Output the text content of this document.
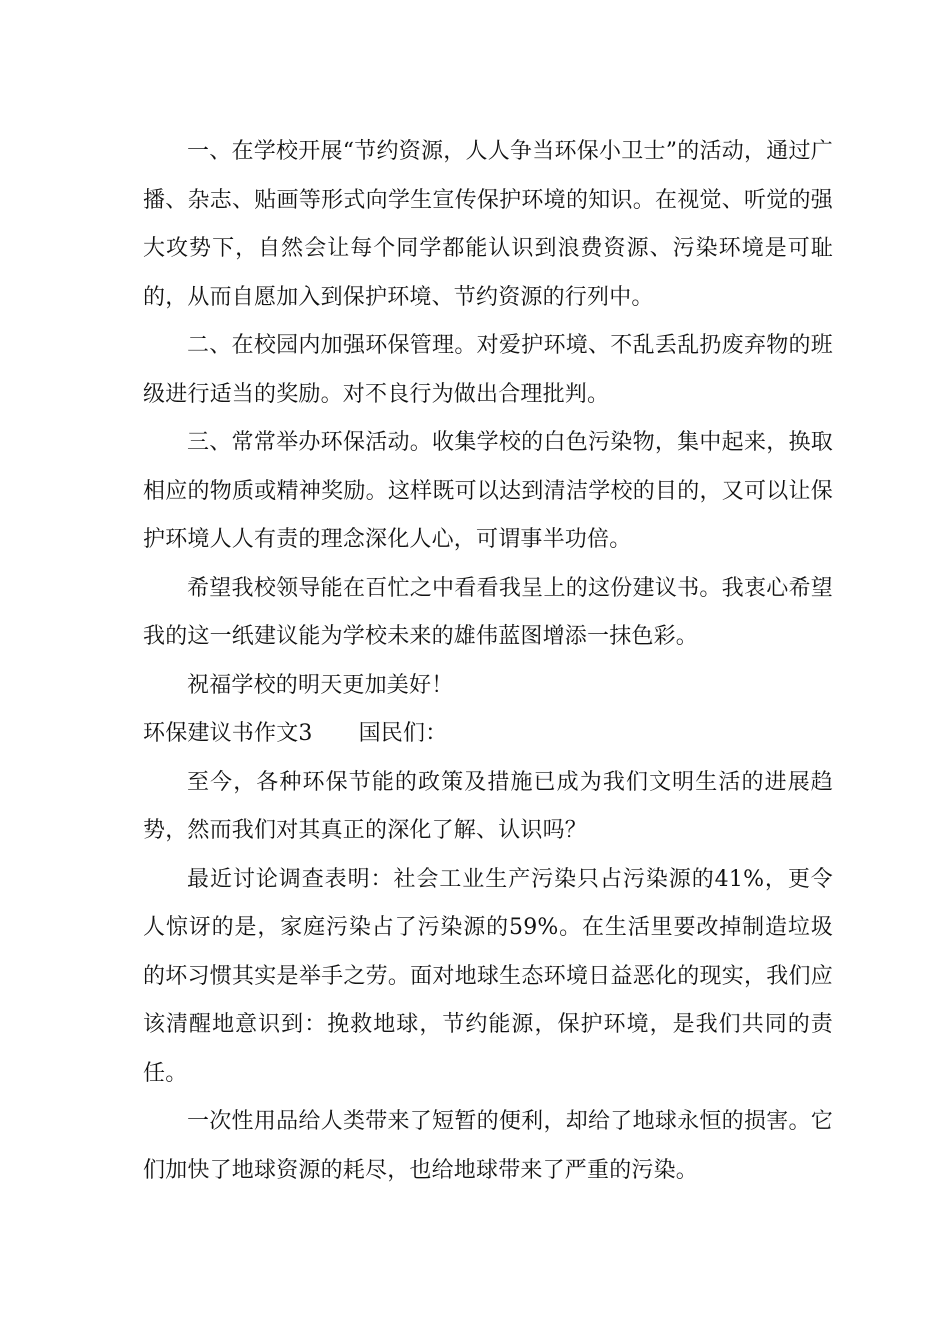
一、在学校开展“节约资源，人人争当环保小卫士”的活动，通过广播、杂志、贴画等形式向学生宣传保护环境的知识。在视觉、听觉的强大攻势下，自然会让每个同学都能认识到浪费资源、污染环境是可耻的，从而自愿加入到保护环境、节约资源的行列中。

二、在校园内加强环保管理。对爱护环境、不乱丢乱扔废弃物的班级进行适当的奖励。对不良行为做出合理批判。

三、常常举办环保活动。收集学校的白色污染物，集中起来，换取相应的物质或精神奖励。这样既可以达到清洁学校的目的，又可以让保护环境人人有责的理念深化人心，可谓事半功倍。

希望我校领导能在百忙之中看看我呈上的这份建议书。我衷心希望我的这一纸建议能为学校未来的雄伟蓝图增添一抹色彩。

祝福学校的明天更加美好！

环保建议书作文3 国民们：

至今，各种环保节能的政策及措施已成为我们文明生活的进展趋势，然而我们对其真正的深化了解、认识吗？

最近讨论调查表明：社会工业生产污染只占污染源的41%，更令人惊讶的是，家庭污染占了污染源的59%。在生活里要改掉制造垃圾的坏习惯其实是举手之劳。面对地球生态环境日益恶化的现实，我们应该清醒地意识到：挽救地球，节约能源，保护环境，是我们共同的责任。

一次性用品给人类带来了短暂的便利，却给了地球永恒的损害。它们加快了地球资源的耗尽，也给地球带来了严重的污染。
